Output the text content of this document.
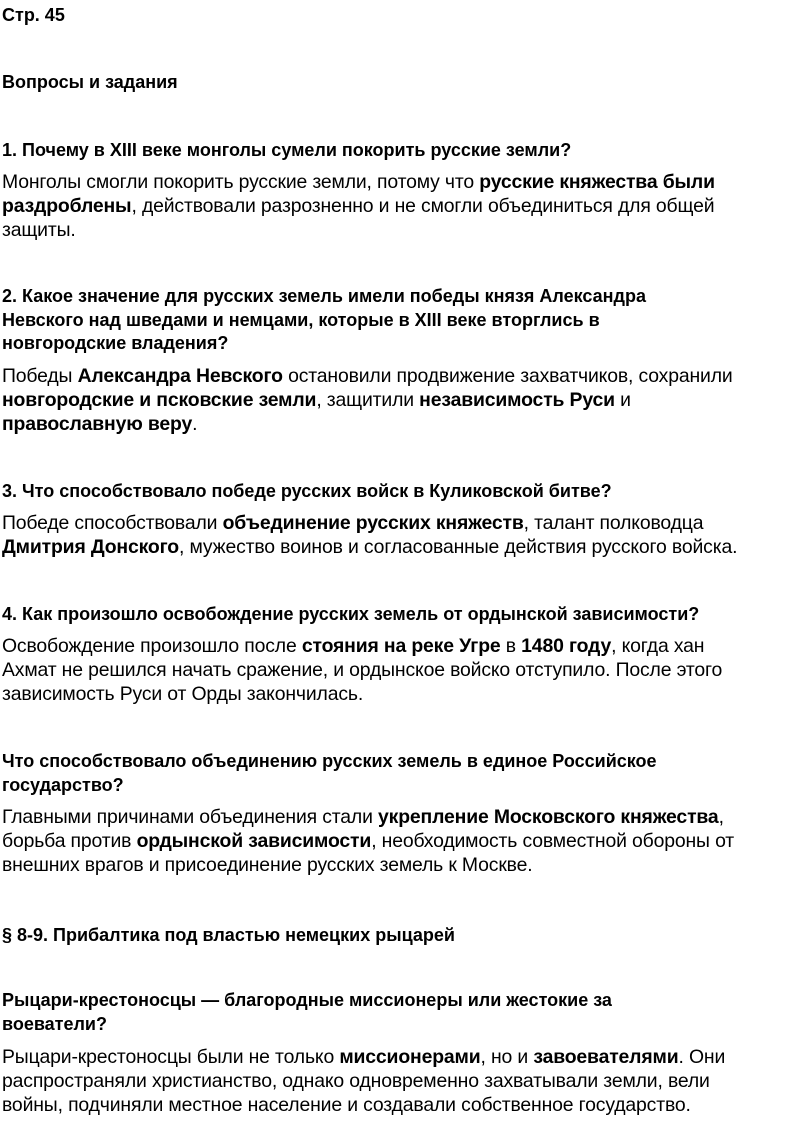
Стр. 45
Вопросы и задания
1. Почему в XIII веке монголы сумели покорить русские земли?
Монголы смогли покорить русские земли, потому что русские княжества были
раздроблены, действовали разрозненно и не смогли объединиться для общей
защиты.
2. Какое значение для русских земель имели победы князя Александра
Невского над шведами и немцами, которые в XIII веке вторглись в
новгородские владения?
Победы Александра Невского остановили продвижение захватчиков, сохранили
новгородские и псковские земли, защитили независимость Руси и
православную веру.
3. Что способствовало победе русских войск в Куликовской битве?
Победе способствовали объединение русских княжеств, талант полководца
Дмитрия Донского, мужество воинов и согласованные действия русского войска.
4. Как произошло освобождение русских земель от ордынской зависимости?
Освобождение произошло после стояния на реке Угре в 1480 году, когда хан
Ахмат не решился начать сражение, и ордынское войско отступило. После этого
зависимость Руси от Орды закончилась.
Что способствовало объединению русских земель в единое Российское
государство?
Главными причинами объединения стали укрепление Московского княжества,
борьба против ордынской зависимости, необходимость совместной обороны от
внешних врагов и присоединение русских земель к Москве.
§ 8-9. Прибалтика под властью немецких рыцарей
Рыцари-крестоносцы — благородные миссионеры или жестокие за
воеватели?
Рыцари-крестоносцы были не только миссионерами, но и завоевателями. Они
распространяли христианство, однако одновременно захватывали земли, вели
войны, подчиняли местное население и создавали собственное государство.
